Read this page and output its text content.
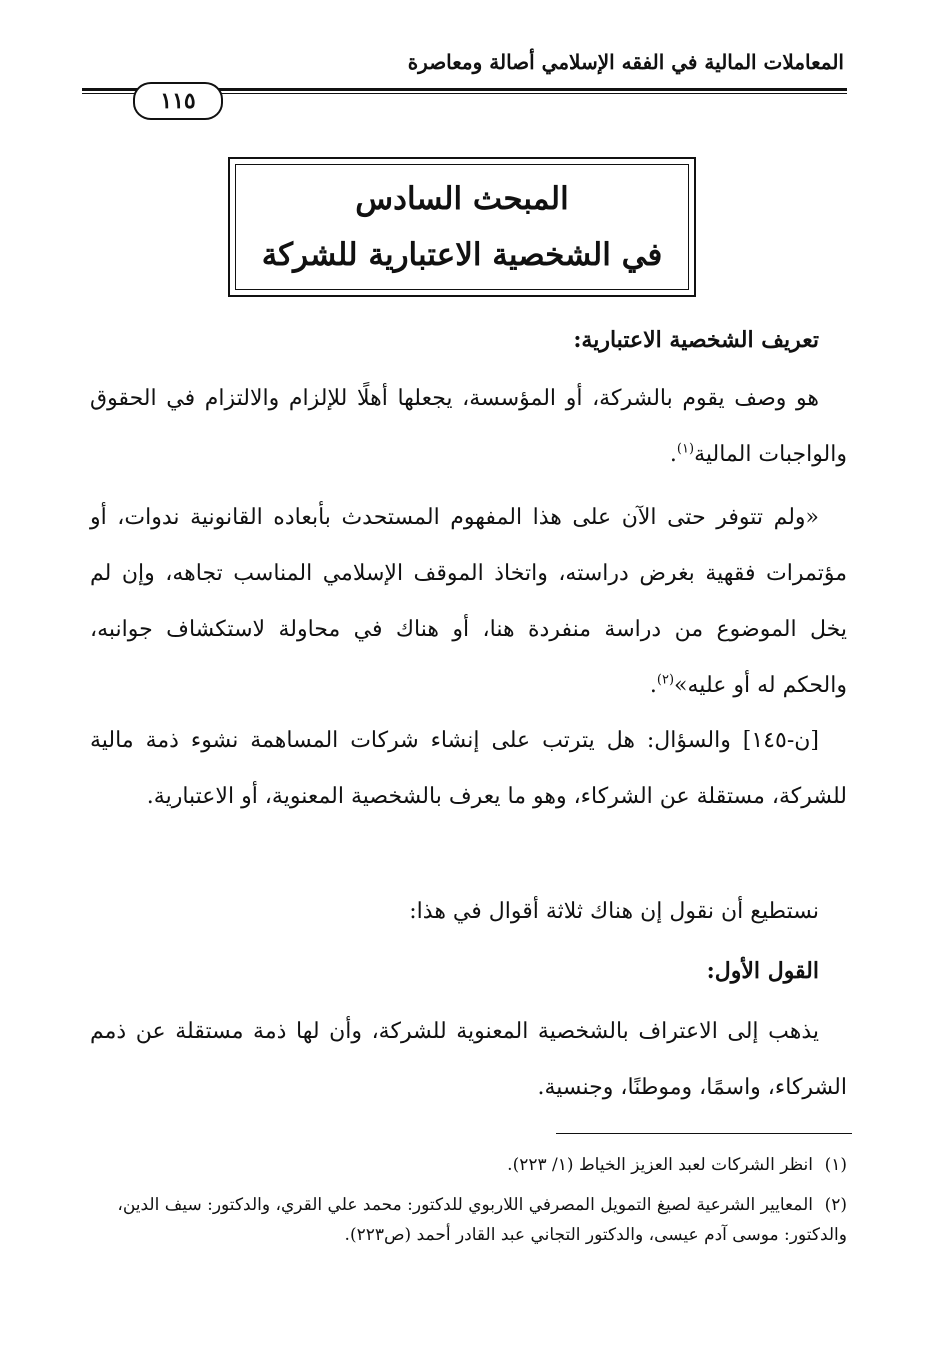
المعاملات المالية في الفقه الإسلامي أصالة ومعاصرة
١١٥
المبحث السادس
في الشخصية الاعتبارية للشركة
تعريف الشخصية الاعتبارية:
هو وصف يقوم بالشركة، أو المؤسسة، يجعلها أهلًا للإلزام والالتزام في الحقوق والواجبات المالية$^{(١)}$.
«ولم تتوفر حتى الآن على هذا المفهوم المستحدث بأبعاده القانونية ندوات، أو مؤتمرات فقهية بغرض دراسته، واتخاذ الموقف الإسلامي المناسب تجاهه، وإن لم يخل الموضوع من دراسة منفردة هنا، أو هناك في محاولة لاستكشاف جوانبه، والحكم له أو عليه»$^{(٢)}$.
[ن-١٤٥] والسؤال: هل يترتب على إنشاء شركات المساهمة نشوء ذمة مالية للشركة، مستقلة عن الشركاء، وهو ما يعرف بالشخصية المعنوية، أو الاعتبارية.
نستطيع أن نقول إن هناك ثلاثة أقوال في هذا:
القول الأول:
يذهب إلى الاعتراف بالشخصية المعنوية للشركة، وأن لها ذمة مستقلة عن ذمم الشركاء، واسمًا، وموطنًا، وجنسية.
(١)انظر الشركات لعبد العزيز الخياط (١/ ٢٢٣).
(٢)المعايير الشرعية لصيغ التمويل المصرفي اللاربوي للدكتور: محمد علي القري، والدكتور: سيف الدين، والدكتور: موسى آدم عيسى، والدكتور التجاني عبد القادر أحمد (ص٢٢٣).
